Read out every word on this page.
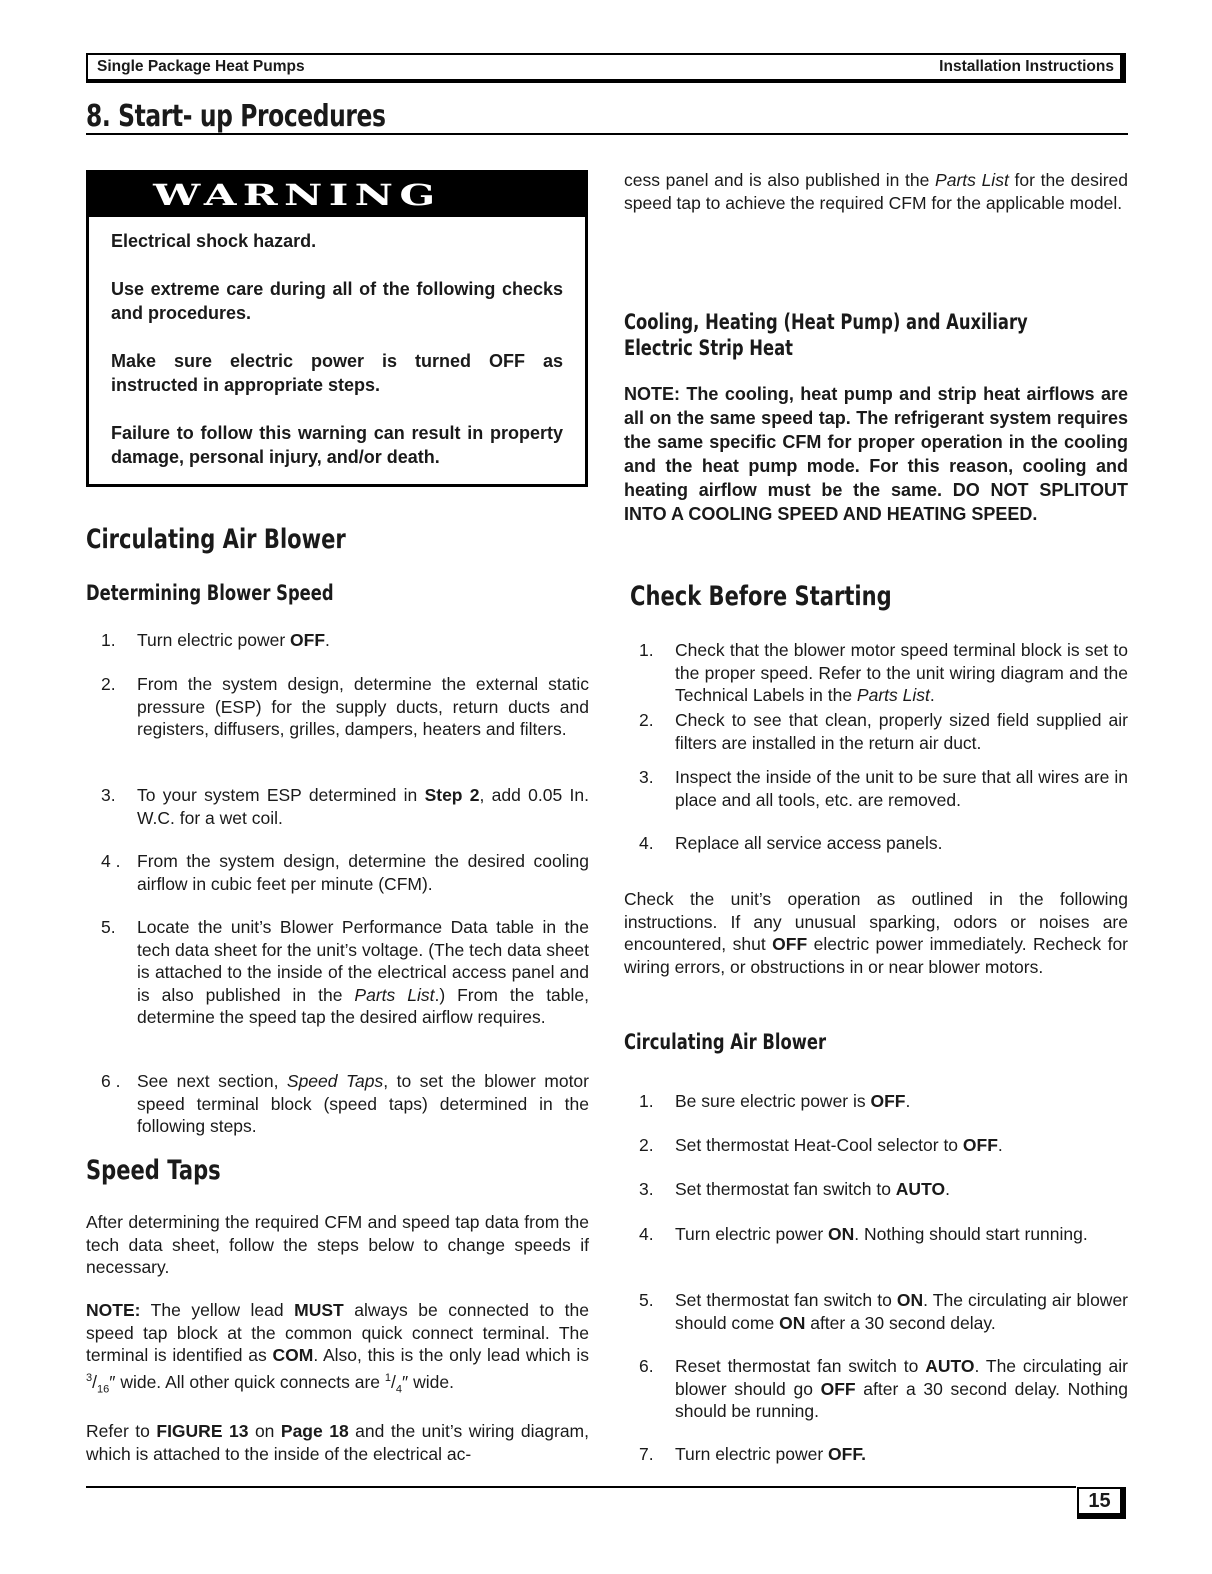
Single Package Heat Pumps	Installation Instructions
8. Start- up Procedures
WARNING

Electrical shock hazard.

Use extreme care during all of the following checks and procedures.

Make sure electric power is turned OFF as instructed in appropriate steps.

Failure to follow this warning can result in property damage, personal injury, and/or death.

Circulating Air Blower
Determining Blower Speed
1. Turn electric power OFF.
2. From the system design, determine the external static pressure (ESP) for the supply ducts, return ducts and registers, diffusers, grilles, dampers, heaters and filters.
3. To your system ESP determined in Step 2, add 0.05 In. W.C. for a wet coil.
4 . From the system design, determine the desired cooling airflow in cubic feet per minute (CFM).
5. Locate the unit’s Blower Performance Data table in the tech data sheet for the unit’s voltage. (The tech data sheet is attached to the inside of the electrical access panel and is also published in the Parts List.) From the table, determine the speed tap the desired airflow requires.
6 . See next section, Speed Taps, to set the blower motor speed terminal block (speed taps) determined in the following steps.
Speed Taps

After determining the required CFM and speed tap data from the tech data sheet, follow the steps below to change speeds if necessary.

NOTE: The yellow lead MUST always be connected to the speed tap block at the common quick connect terminal. The terminal is identified as COM. Also, this is the only lead which is $^3/_{16}''$ wide. All other quick connects are $^1/_4''$ wide.

Refer to FIGURE 13 on Page 18 and the unit’s wiring diagram, which is attached to the inside of the electrical ac-

cess panel and is also published in the Parts List for the desired speed tap to achieve the required CFM for the applicable model.

Cooling, Heating (Heat Pump) and Auxiliary
Electric Strip Heat

NOTE: The cooling, heat pump and strip heat airflows are all on the same speed tap. The refrigerant system requires the same specific CFM for proper operation in the cooling and the heat pump mode. For this reason, cooling and heating airflow must be the same. DO NOT SPLITOUT INTO A COOLING SPEED AND HEATING SPEED.

Check Before Starting
1. Check that the blower motor speed terminal block is set to the proper speed. Refer to the unit wiring diagram and the Technical Labels in the Parts List.
2. Check to see that clean, properly sized field supplied air filters are installed in the return air duct.
3. Inspect the inside of the unit to be sure that all wires are in place and all tools, etc. are removed.
4. Replace all service access panels.

Check the unit’s operation as outlined in the following instructions. If any unusual sparking, odors or noises are encountered, shut OFF electric power immediately. Recheck for wiring errors, or obstructions in or near blower motors.

Circulating Air Blower
1. Be sure electric power is OFF.
2. Set thermostat Heat-Cool selector to OFF.
3. Set thermostat fan switch to AUTO.
4. Turn electric power ON. Nothing should start running.
5. Set thermostat fan switch to ON. The circulating air blower should come ON after a 30 second delay.
6. Reset thermostat fan switch to AUTO. The circulating air blower should go OFF after a 30 second delay. Nothing should be running.
7. Turn electric power OFF.
15
